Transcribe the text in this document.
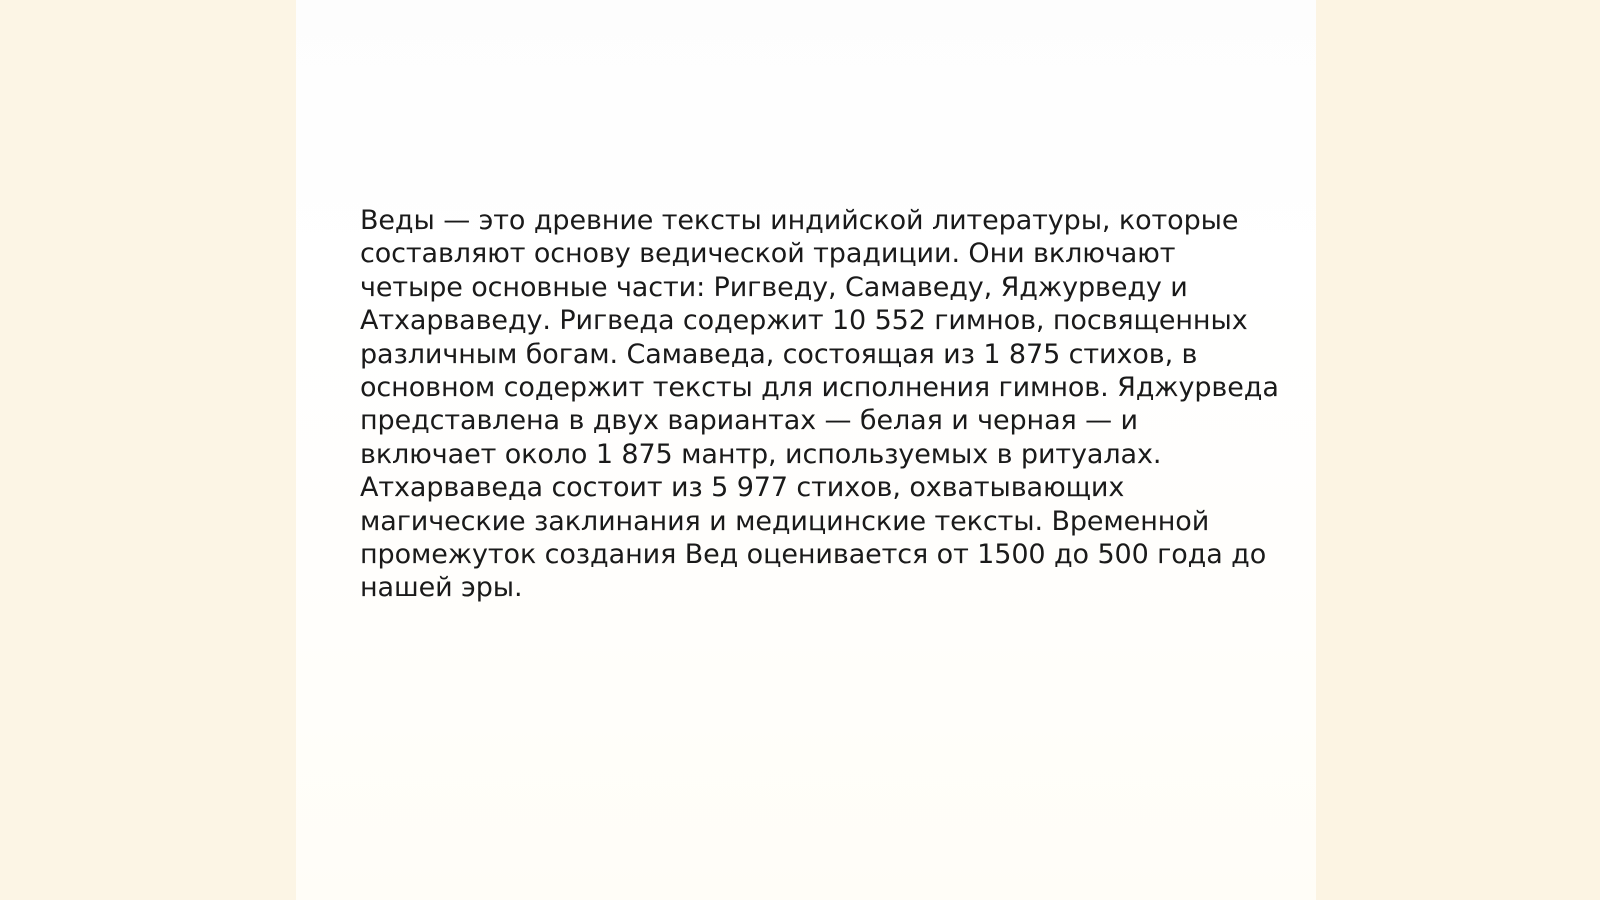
Веды — это древние тексты индийской литературы, которые
составляют основу ведической традиции. Они включают
четыре основные части: Ригведу, Самаведу, Яджурведу и
Атхарваведу. Ригведа содержит 10 552 гимнов, посвященных
различным богам. Самаведа, состоящая из 1 875 стихов, в
основном содержит тексты для исполнения гимнов. Яджурведа
представлена в двух вариантах — белая и черная — и
включает около 1 875 мантр, используемых в ритуалах.
Атхарваведа состоит из 5 977 стихов, охватывающих
магические заклинания и медицинские тексты. Временной
промежуток создания Вед оценивается от 1500 до 500 года до
нашей эры.
